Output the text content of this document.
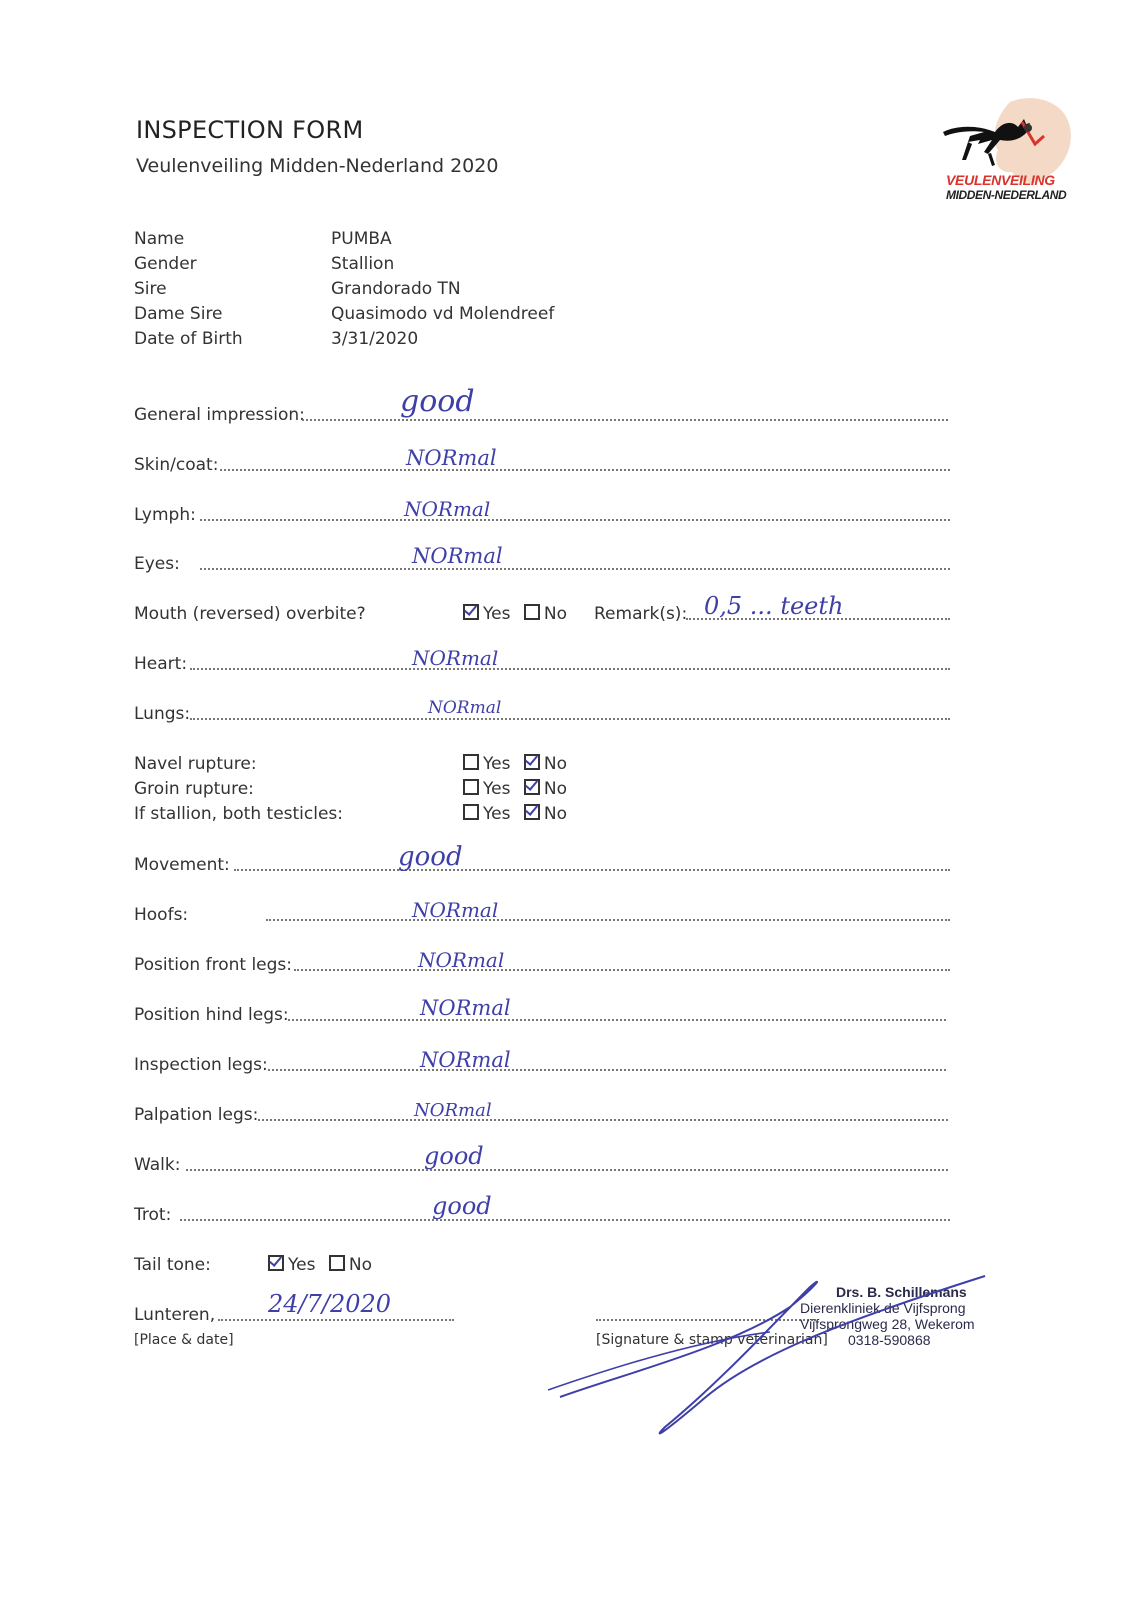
INSPECTION FORM
Veulenveiling Midden-Nederland 2020
VEULENVEILING
MIDDEN-NEDERLAND
Name	PUMBA
Gender	Stallion
Sire	Grandorado TN
Dame Sire	Quasimodo vd Molendreef
Date of Birth	3/31/2020
General impression:	good
Skin/coat:	NORmal
Lymph:	NORmal
Eyes:	NORmal
Mouth (reversed) overbite?	Yes No	Remark(s): 0,5 ... teeth
Heart:	NORmal
Lungs:	NORmal
Navel rupture:	Yes No
Groin rupture:	Yes No
If stallion, both testicles:	Yes No
Movement:	good
Hoofs:	NORmal
Position front legs:	NORmal
Position hind legs:	NORmal
Inspection legs:	NORmal
Palpation legs:	NORmal
Walk:	good
Trot:	good
Tail tone:	Yes No
Lunteren, 24/7/2020
[Place & date]	[Signature & stamp veterinarian]
Drs. B. Schillemans
Dierenkliniek de Vijfsprong
Vijfsprongweg 28, Wekerom
0318-590868
